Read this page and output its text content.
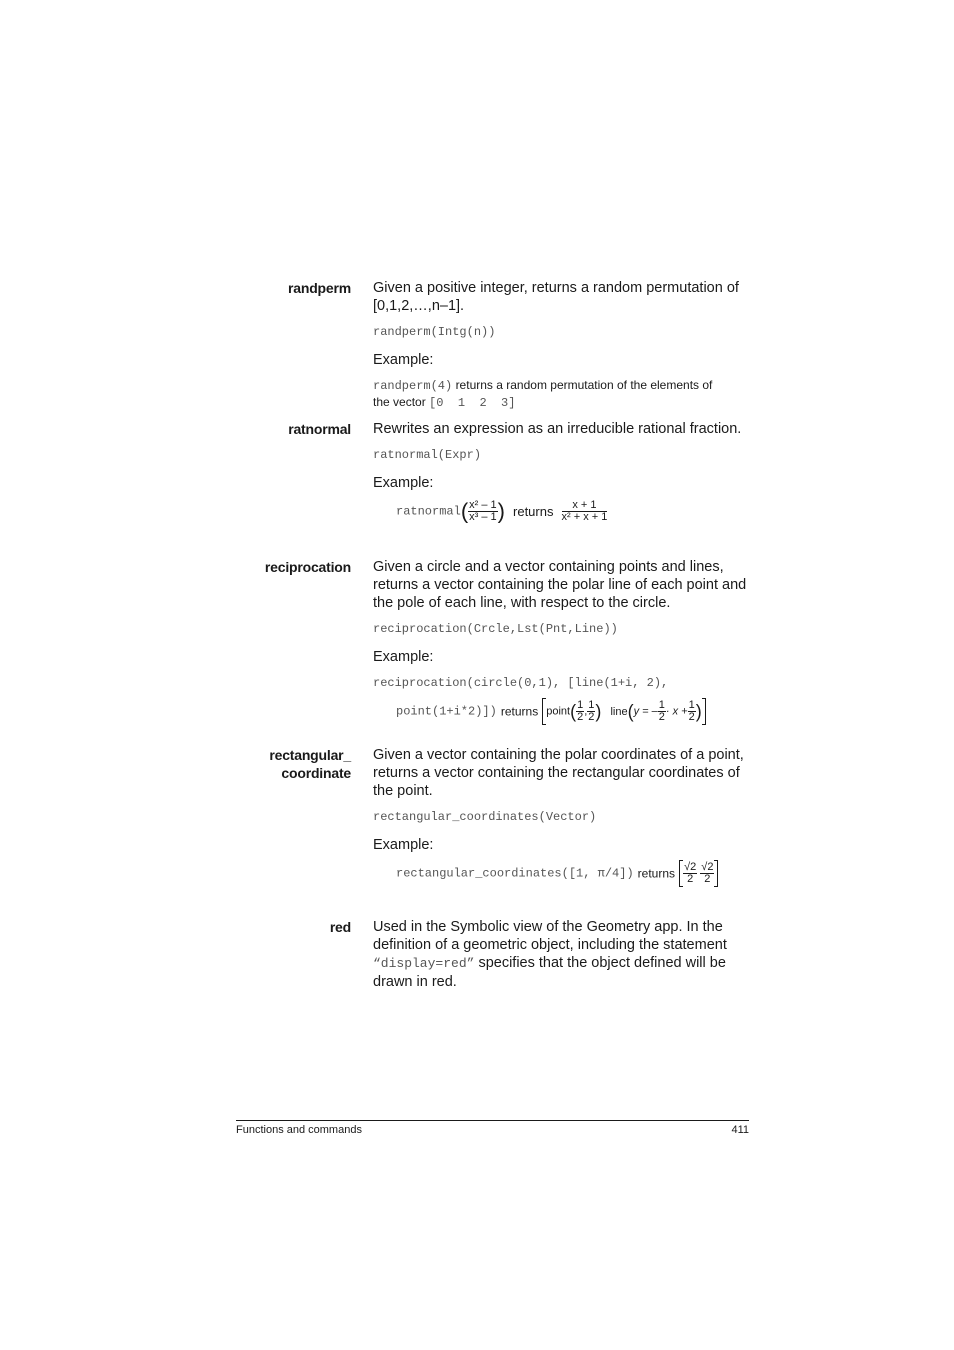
randperm Given a positive integer, returns a random permutation of [0,1,2,…,n–1].

randperm(Intg(n))

Example:

randperm(4) returns a random permutation of the elements of
the vector [0  1  2  3]

ratnormal Rewrites an expression as an irreducible rational fraction.

ratnormal(Expr)

Example:

ratnormal( $\frac{\text{x² – 1}}{\text{x³ – 1}}$ ) returns $\frac{x + 1}{\text{x² + x + 1}}$
reciprocation Given a circle and a vector containing points and lines, returns a vector containing the polar line of each point and the pole of each line, with respect to the circle.

reciprocation(Crcle,Lst(Pnt,Line))

Example:

reciprocation(circle(0,1), [line(1+i, 2),

point(1+i*2)]) returns point( $\frac{1}{2}$ , $\frac{1}{2}$ ) line(y = – $\frac{1}{2} \cdot x + \frac{1}{2}$ )
rectangular_
coordinate

Given a vector containing the polar coordinates of a point, returns a vector containing the rectangular coordinates of the point.

rectangular_coordinates(Vector)

Example:

rectangular_coordinates([1, π/4]) returns $\frac{√2}{2}$
$\frac{√2}{2}$
red Used in the Symbolic view of the Geometry app. In the definition of a geometric object, including the statement “display=red” specifies that the object defined will be drawn in red.

Functions and commands	411
